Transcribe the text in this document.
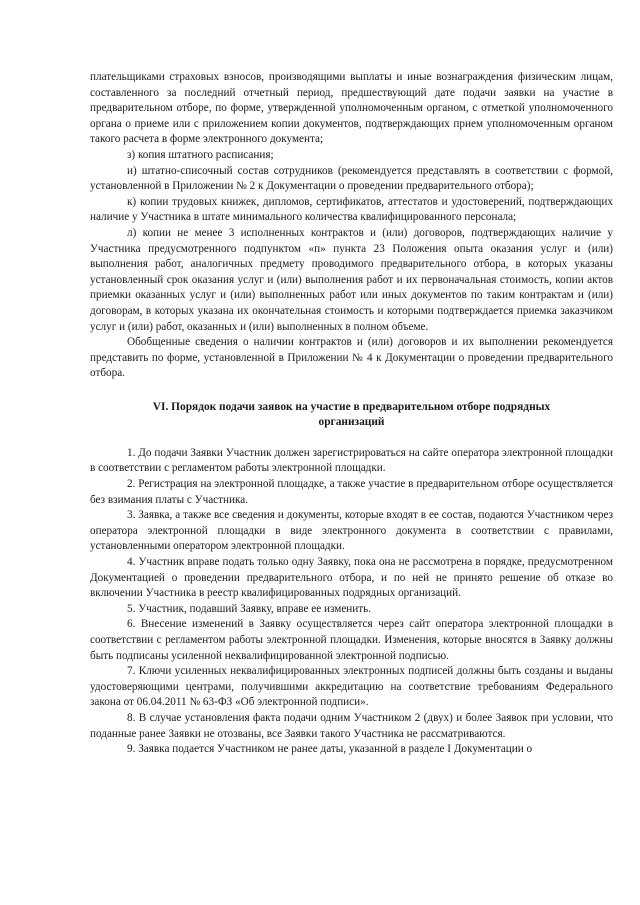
плательщиками страховых взносов, производящими выплаты и иные вознаграждения физическим лицам, составленного за последний отчетный период, предшествующий дате подачи заявки на участие в предварительном отборе, по форме, утвержденной уполномоченным органом, с отметкой уполномоченного органа о приеме или с приложением копии документов, подтверждающих прием уполномоченным органом такого расчета в форме электронного документа;

з) копия штатного расписания;

и) штатно-списочный состав сотрудников (рекомендуется представлять в соответствии с формой, установленной в Приложении № 2 к Документации о проведении предварительного отбора);

к) копии трудовых книжек, дипломов, сертификатов, аттестатов и удостоверений, подтверждающих наличие у Участника в штате минимального количества квалифицированного персонала;

л) копии не менее 3 исполненных контрактов и (или) договоров, подтверждающих наличие у Участника предусмотренного подпунктом «п» пункта 23 Положения опыта оказания услуг и (или) выполнения работ, аналогичных предмету проводимого предварительного отбора, в которых указаны установленный срок оказания услуг и (или) выполнения работ и их первоначальная стоимость, копии актов приемки оказанных услуг и (или) выполненных работ или иных документов по таким контрактам и (или) договорам, в которых указана их окончательная стоимость и которыми подтверждается приемка заказчиком услуг и (или) работ, оказанных и (или) выполненных в полном объеме.

Обобщенные сведения о наличии контрактов и (или) договоров и их выполнении рекомендуется представить по форме, установленной в Приложении № 4 к Документации о проведении предварительного отбора.

VI. Порядок подачи заявок на участие в предварительном отборе подрядных организаций

1. До подачи Заявки Участник должен зарегистрироваться на сайте оператора электронной площадки в соответствии с регламентом работы электронной площадки.

2. Регистрация на электронной площадке, а также участие в предварительном отборе осуществляется без взимания платы с Участника.

3. Заявка, а также все сведения и документы, которые входят в ее состав, подаются Участником через оператора электронной площадки в виде электронного документа в соответствии с правилами, установленными оператором электронной площадки.

4. Участник вправе подать только одну Заявку, пока она не рассмотрена в порядке, предусмотренном Документацией о проведении предварительного отбора, и по ней не принято решение об отказе во включении Участника в реестр квалифицированных подрядных организаций.

5. Участник, подавший Заявку, вправе ее изменить.

6. Внесение изменений в Заявку осуществляется через сайт оператора электронной площадки в соответствии с регламентом работы электронной площадки. Изменения, которые вносятся в Заявку должны быть подписаны усиленной неквалифицированной электронной подписью.

7. Ключи усиленных неквалифицированных электронных подписей должны быть созданы и выданы удостоверяющими центрами, получившими аккредитацию на соответствие требованиям Федерального закона от 06.04.2011 № 63-ФЗ «Об электронной подписи».

8. В случае установления факта подачи одним Участником 2 (двух) и более Заявок при условии, что поданные ранее Заявки не отозваны, все Заявки такого Участника не рассматриваются.

9. Заявка подается Участником не ранее даты, указанной в разделе I Документации о
